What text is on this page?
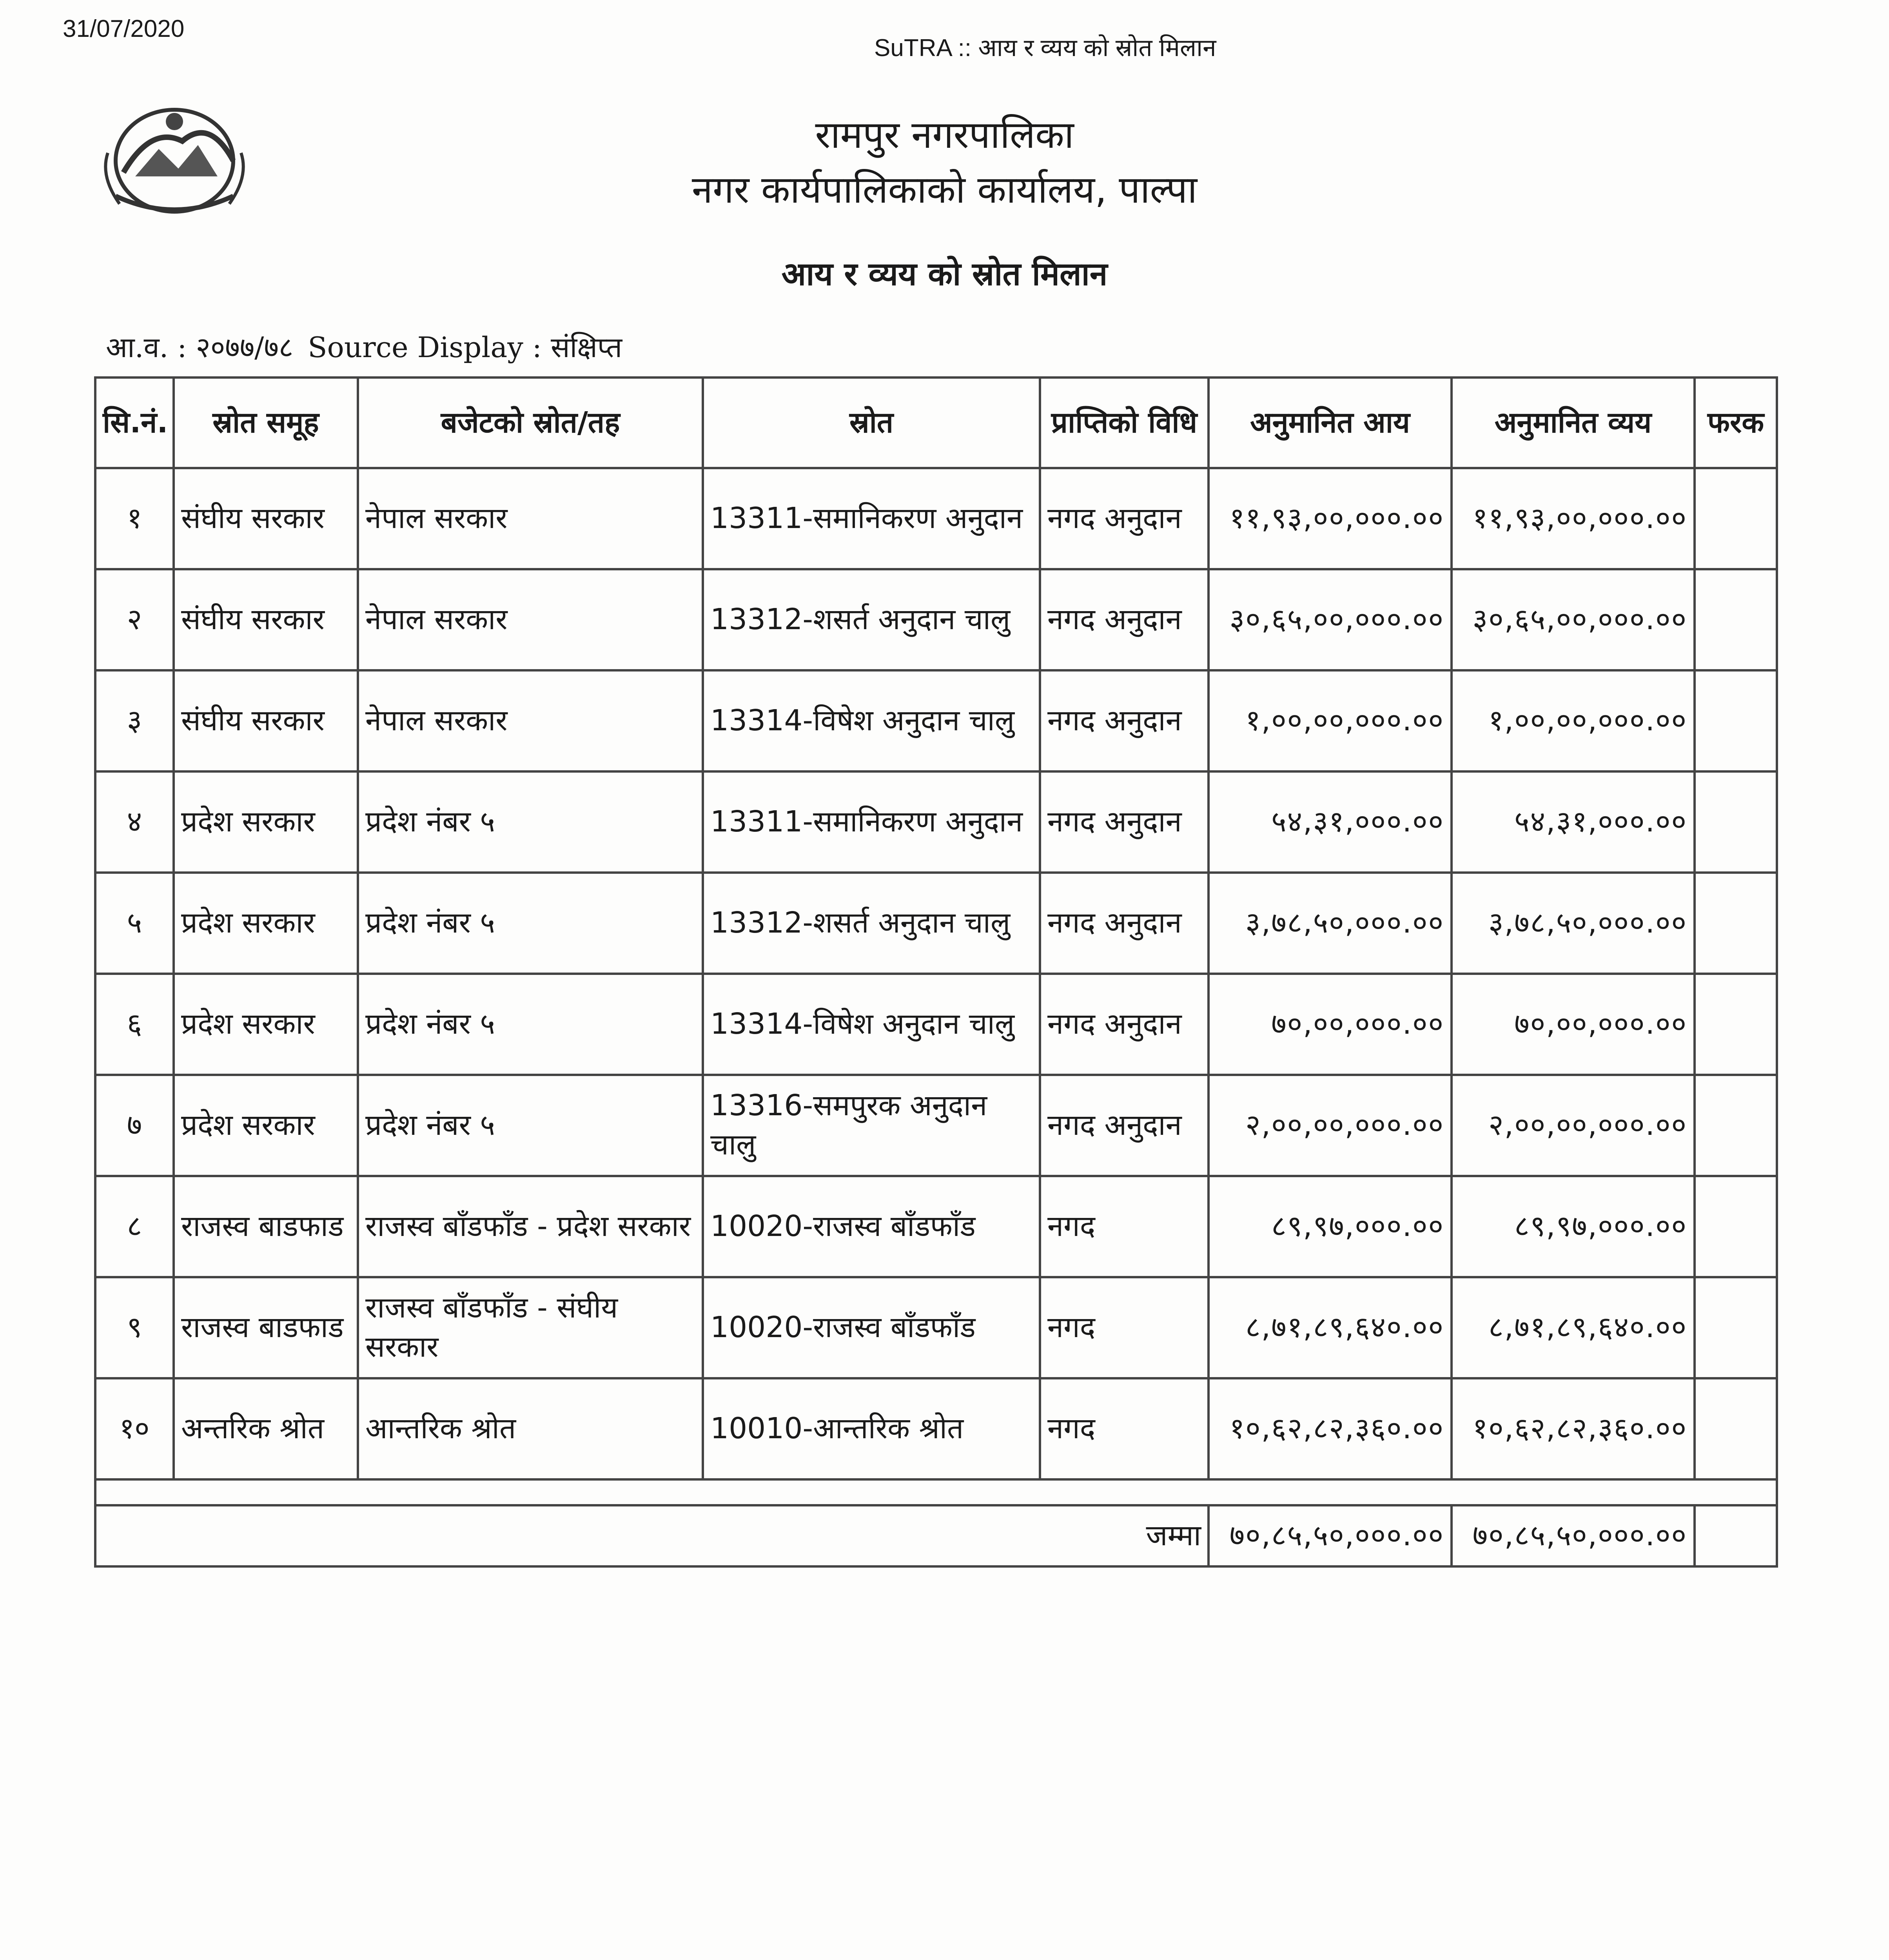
31/07/2020
SuTRA :: आय र व्यय को स्रोत मिलान
रामपुर नगरपालिका
नगर कार्यपालिकाको कार्यालय, पाल्पा
आय र व्यय को स्रोत मिलान
आ.व. : २०७७/७८ Source Display : संक्षिप्त
सि.नं.	स्रोत समूह	बजेटको स्रोत/तह	स्रोत	प्राप्तिको विधि	अनुमानित आय	अनुमानित व्यय	फरक
१	संघीय सरकार	नेपाल सरकार	13311-समानिकरण अनुदान	नगद अनुदान	११,९३,००,०००.००	११,९३,००,०००.००	
२	संघीय सरकार	नेपाल सरकार	13312-शसर्त अनुदान चालु	नगद अनुदान	३०,६५,००,०००.००	३०,६५,००,०००.००	
३	संघीय सरकार	नेपाल सरकार	13314-विषेश अनुदान चालु	नगद अनुदान	१,००,००,०००.००	१,००,००,०००.००	
४	प्रदेश सरकार	प्रदेश नंबर ५	13311-समानिकरण अनुदान	नगद अनुदान	५४,३१,०००.००	५४,३१,०००.००	
५	प्रदेश सरकार	प्रदेश नंबर ५	13312-शसर्त अनुदान चालु	नगद अनुदान	३,७८,५०,०००.००	३,७८,५०,०००.००	
६	प्रदेश सरकार	प्रदेश नंबर ५	13314-विषेश अनुदान चालु	नगद अनुदान	७०,००,०००.००	७०,००,०००.००	
७	प्रदेश सरकार	प्रदेश नंबर ५	13316-समपुरक अनुदान चालु	नगद अनुदान	२,००,००,०००.००	२,००,००,०००.००	
८	राजस्व बाडफाड	राजस्व बाँडफाँड - प्रदेश सरकार	10020-राजस्व बाँडफाँड	नगद	८९,९७,०००.००	८९,९७,०००.००	
९	राजस्व बाडफाड	राजस्व बाँडफाँड - संघीय सरकार	10020-राजस्व बाँडफाँड	नगद	८,७१,८९,६४०.००	८,७१,८९,६४०.००	
१०	अन्तरिक श्रोत	आन्तरिक श्रोत	10010-आन्तरिक श्रोत	नगद	१०,६२,८२,३६०.००	१०,६२,८२,३६०.००	

जम्मा					७०,८५,५०,०००.००	७०,८५,५०,०००.००	
